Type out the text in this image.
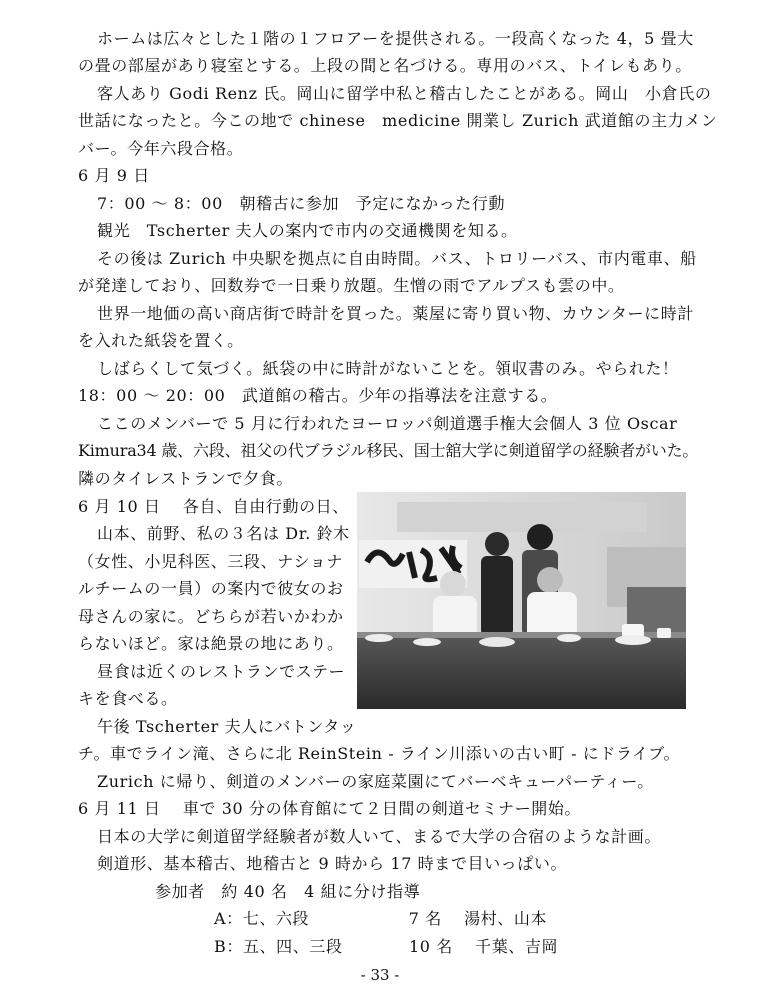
ホームは広々とした１階の１フロアーを提供される。一段高くなった 4，5 畳大
の畳の部屋があり寝室とする。上段の間と名づける。専用のバス、トイレもあり。
客人あり Godi Renz 氏。岡山に留学中私と稽古したことがある。岡山　小倉氏の
世話になったと。今この地で chinese　medicine 開業し Zurich 武道館の主力メン
バー。今年六段合格。
6 月 9 日
7：00 〜 8：00　朝稽古に参加　予定になかった行動
観光　Tscherter 夫人の案内で市内の交通機関を知る。
その後は Zurich 中央駅を拠点に自由時間。バス、トロリーバス、市内電車、船
が発達しており、回数券で一日乗り放題。生憎の雨でアルプスも雲の中。
世界一地価の高い商店街で時計を買った。薬屋に寄り買い物、カウンターに時計
を入れた紙袋を置く。
しばらくして気づく。紙袋の中に時計がないことを。領収書のみ。やられた！
18：00 〜 20：00　武道館の稽古。少年の指導法を注意する。
ここのメンバーで 5 月に行われたヨーロッパ剣道選手権大会個人 3 位 Oscar
Kimura34 歳、六段、祖父の代ブラジル移民、国士舘大学に剣道留学の経験者がいた。
隣のタイレストランで夕食。
6 月 10 日　 各自、自由行動の日、
山本、前野、私の３名は Dr. 鈴木
（女性、小児科医、三段、ナショナ
ルチームの一員）の案内で彼女のお
母さんの家に。どちらが若いかわか
らないほど。家は絶景の地にあり。
昼食は近くのレストランでステー
キを食べる。
午後 Tscherter 夫人にバトンタッ
チ。車でライン滝、さらに北 ReinStein - ライン川添いの古い町 - にドライブ。
Zurich に帰り、剣道のメンバーの家庭菜園にてバーベキューパーティー。
6 月 11 日　 車で 30 分の体育館にて２日間の剣道セミナー開始。
日本の大学に剣道留学経験者が数人いて、まるで大学の合宿のような計画。
剣道形、基本稽古、地稽古と 9 時から 17 時まで目いっぱい。
参加者　約 40 名　4 組に分け指導
A：七、六段　　　　　　7 名　 湯村、山本
B：五、四、三段　　　　10 名　 千葉、吉岡
- 33 -
